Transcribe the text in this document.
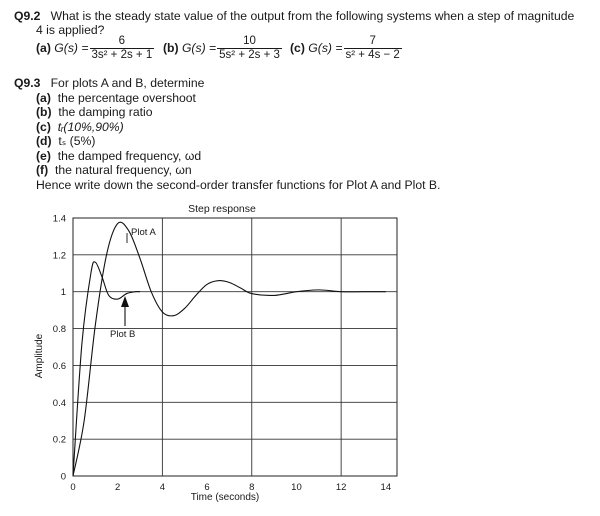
Q9.2 What is the steady state value of the output from the following systems when a step of magnitude
4 is applied?
(a)
$G(s) = \frac{6}{\text{3s² + 2s + 1}} (b)$
$G(s) = \frac{10}{\text{5s² + 2s + 3}} (c)$
$G(s) = \frac{7}{\text{s² + 4s − 2}}$
Q9.3 For plots A and B, determine
(a) the percentage overshoot
(b) the damping ratio
(c) tᵣ(10%,90%)
(d) tₛ (5%)
(e) the damped frequency, ωd
(f) the natural frequency, ωn
Hence write down the second-order transfer functions for Plot A and Plot B.
Step response
Amplitude
Time (seconds)
0
0.2
0.4
0.6
0.8
1
1.2
1.4
0	2	4	6	8	10	12	14
Plot A
Plot B
